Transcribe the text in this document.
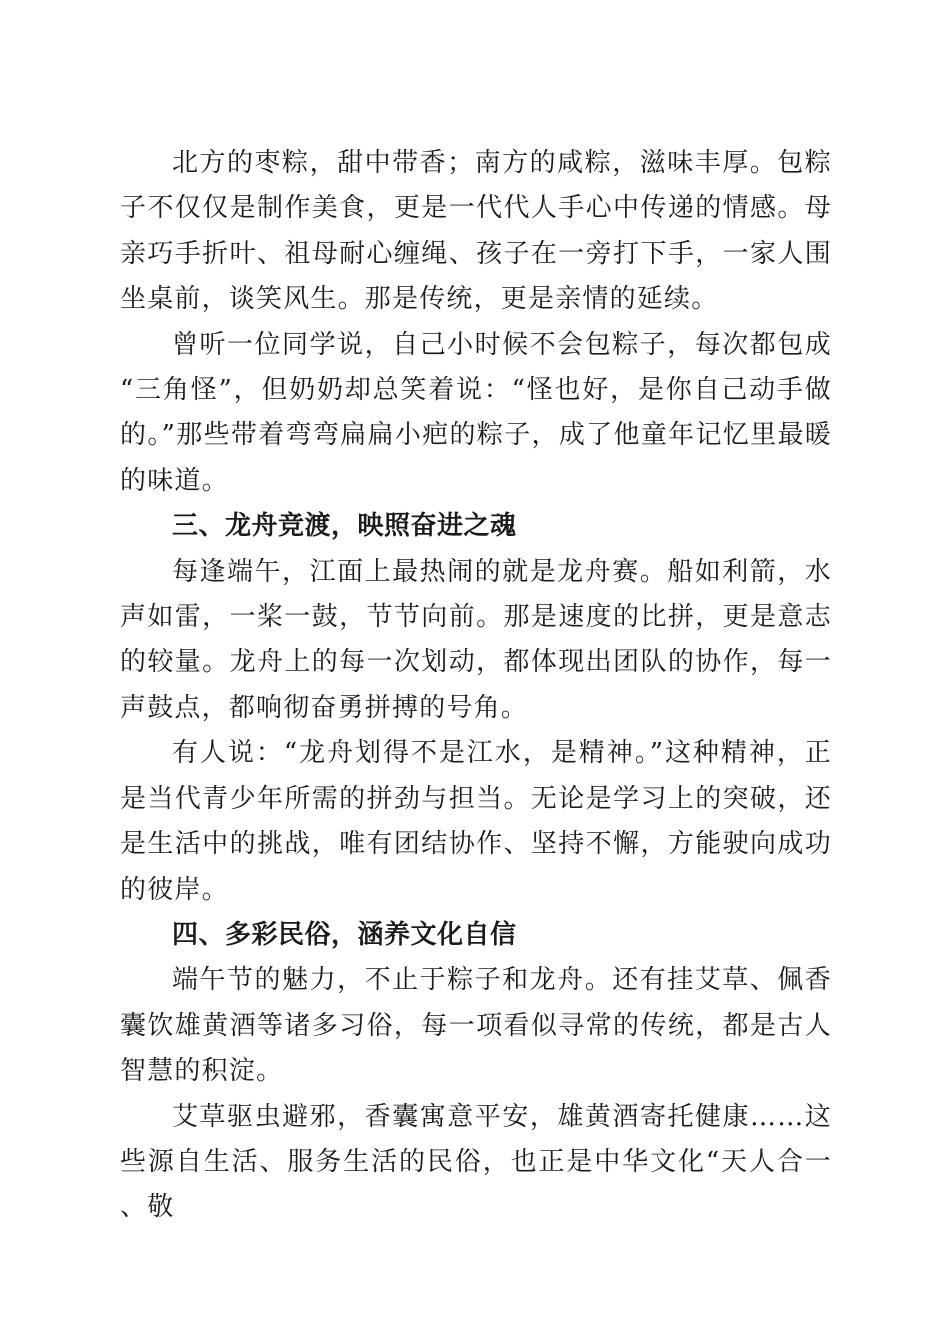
北方的枣粽，甜中带香；南方的咸粽，滋味丰厚。包粽子不仅仅是制作美食，更是一代代人手心中传递的情感。母亲巧手折叶、祖母耐心缠绳、孩子在一旁打下手，一家人围坐桌前，谈笑风生。那是传统，更是亲情的延续。

曾听一位同学说，自己小时候不会包粽子，每次都包成“三角怪”，但奶奶却总笑着说：“怪也好，是你自己动手做的。”那些带着弯弯扁扁小疤的粽子，成了他童年记忆里最暖的味道。

三、龙舟竞渡，映照奋进之魂

每逢端午，江面上最热闹的就是龙舟赛。船如利箭，水声如雷，一桨一鼓，节节向前。那是速度的比拼，更是意志的较量。龙舟上的每一次划动，都体现出团队的协作，每一声鼓点，都响彻奋勇拼搏的号角。

有人说：“龙舟划得不是江水，是精神。”这种精神，正是当代青少年所需的拼劲与担当。无论是学习上的突破，还是生活中的挑战，唯有团结协作、坚持不懈，方能驶向成功的彼岸。

四、多彩民俗，涵养文化自信

端午节的魅力，不止于粽子和龙舟。还有挂艾草、佩香囊饮雄黄酒等诸多习俗，每一项看似寻常的传统，都是古人智慧的积淀。

艾草驱虫避邪，香囊寓意平安，雄黄酒寄托健康……这些源自生活、服务生活的民俗，也正是中华文化“天人合一、敬
